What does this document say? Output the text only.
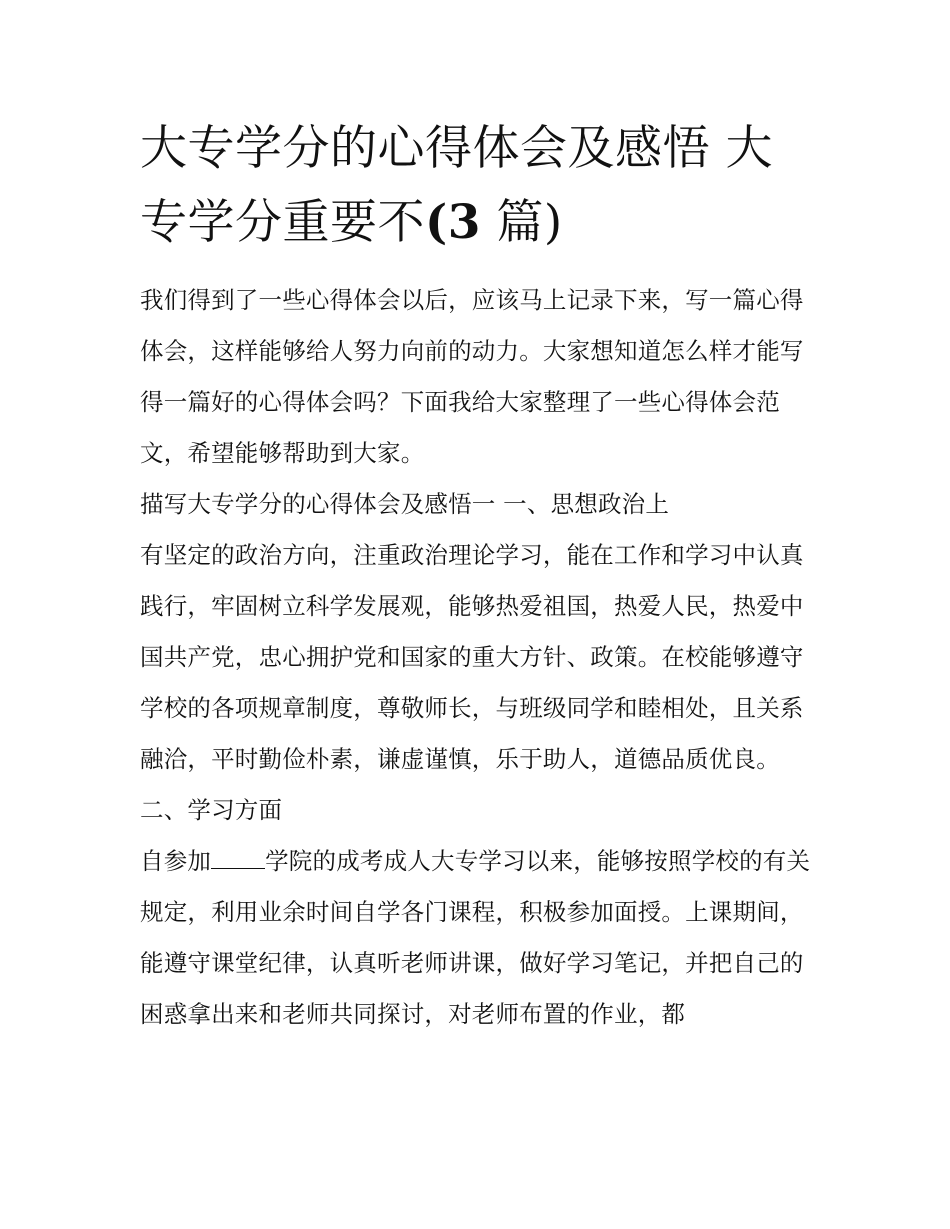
大专学分的心得体会及感悟 大专学分重要不(3 篇)

我们得到了一些心得体会以后，应该马上记录下来，写一篇心得体会，这样能够给人努力向前的动力。大家想知道怎么样才能写得一篇好的心得体会吗？下面我给大家整理了一些心得体会范文，希望能够帮助到大家。

描写大专学分的心得体会及感悟一 一、思想政治上

有坚定的政治方向，注重政治理论学习，能在工作和学习中认真践行，牢固树立科学发展观，能够热爱祖国，热爱人民，热爱中国共产党，忠心拥护党和国家的重大方针、政策。在校能够遵守学校的各项规章制度，尊敬师长，与班级同学和睦相处，且关系融洽，平时勤俭朴素，谦虚谨慎，乐于助人，道德品质优良。

二、学习方面

自参加 学院的成考成人大专学习以来，能够按照学校的有关规定，利用业余时间自学各门课程，积极参加面授。上课期间，能遵守课堂纪律，认真听老师讲课，做好学习笔记，并把自己的困惑拿出来和老师共同探讨，对老师布置的作业，都
